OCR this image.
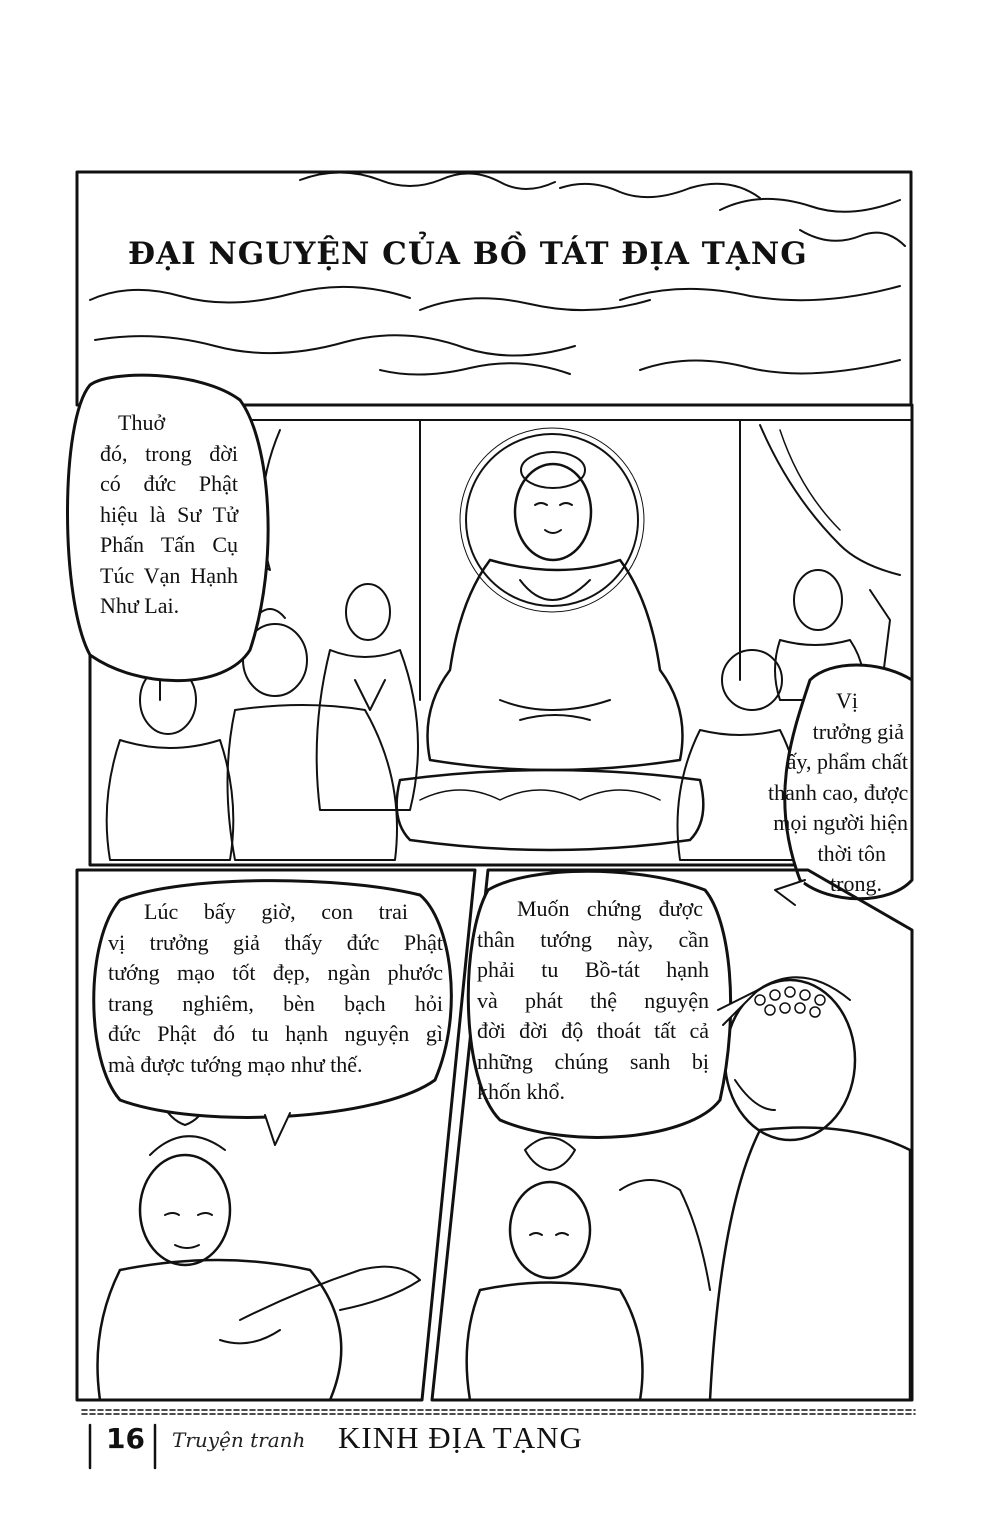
ĐẠI NGUYỆN CỦA BỒ TÁT ĐỊA TẠNG
Thuở
đó, trong đời
có đức Phật
hiệu là Sư Tử
Phấn Tấn Cụ
Túc Vạn Hạnh
Như Lai.
Vị
trưởng giả
ấy, phẩm chất
thanh cao, được
mọi người hiện
thời tôn
trọng.
Lúc bấy giờ, con trai
vị trưởng giả thấy đức Phật
tướng mạo tốt đẹp, ngàn phước
trang nghiêm, bèn bạch hỏi
đức Phật đó tu hạnh nguyện gì
mà được tướng mạo như thế.
Muốn chứng được
thân tướng này, cần
phải tu Bồ-tát hạnh
và phát thệ nguyện
đời đời độ thoát tất cả
những chúng sanh bị
khốn khổ.
16 Truyện tranh KINH ĐỊA TẠNG
